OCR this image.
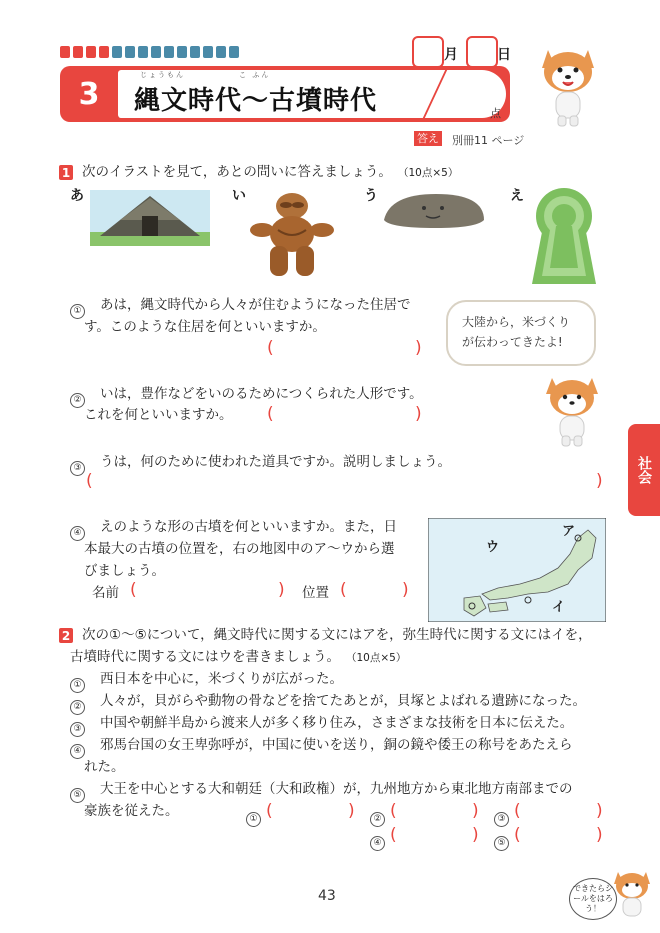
月	日
3
じょうもん　　　　　　こ ふん
縄文時代〜古墳時代	点
答え 別冊11 ページ
1 次のイラストを見て，あとの問いに答えましょう。 （10点×5）
あ	い	う	え
① あは，縄文時代から人々が住むようになった住居で
す。このような住居を何といいますか。
(	)
大陸から，米づくりが伝わってきたよ!
② いは，豊作などをいのるためにつくられた人形です。
これを何といいますか。 (	)
③ うは，何のために使われた道具ですか。説明しましょう。
(	)	社会
④ えのような形の古墳を何といいますか。また，日
本最大の古墳の位置を，右の地図中のア〜ウから選
びましょう。
名前 (	) 位置 (	)
ア
イ
ウ
2 次の①〜⑤について，縄文時代に関する文にはアを，弥生時代に関する文にはイを，
古墳時代に関する文にはウを書きましょう。 （10点×5）
① 西日本を中心に，米づくりが広がった。
② 人々が，貝がらや動物の骨などを捨てたあとが，貝塚とよばれる遺跡になった。
③ 中国や朝鮮半島から渡来人が多く移り住み，さまざまな技術を日本に伝えた。
④ 邪馬台国の女王卑弥呼が，中国に使いを送り，銅の鏡や倭王の称号をあたえら
れた。
⑤ 大王を中心とする大和朝廷（大和政権）が，九州地方から東北地方南部までの
豪族を従えた。	① (	)	② (	)	③ (	)
④ (	)	⑤ (	)
43	できたらシールをはろう！
